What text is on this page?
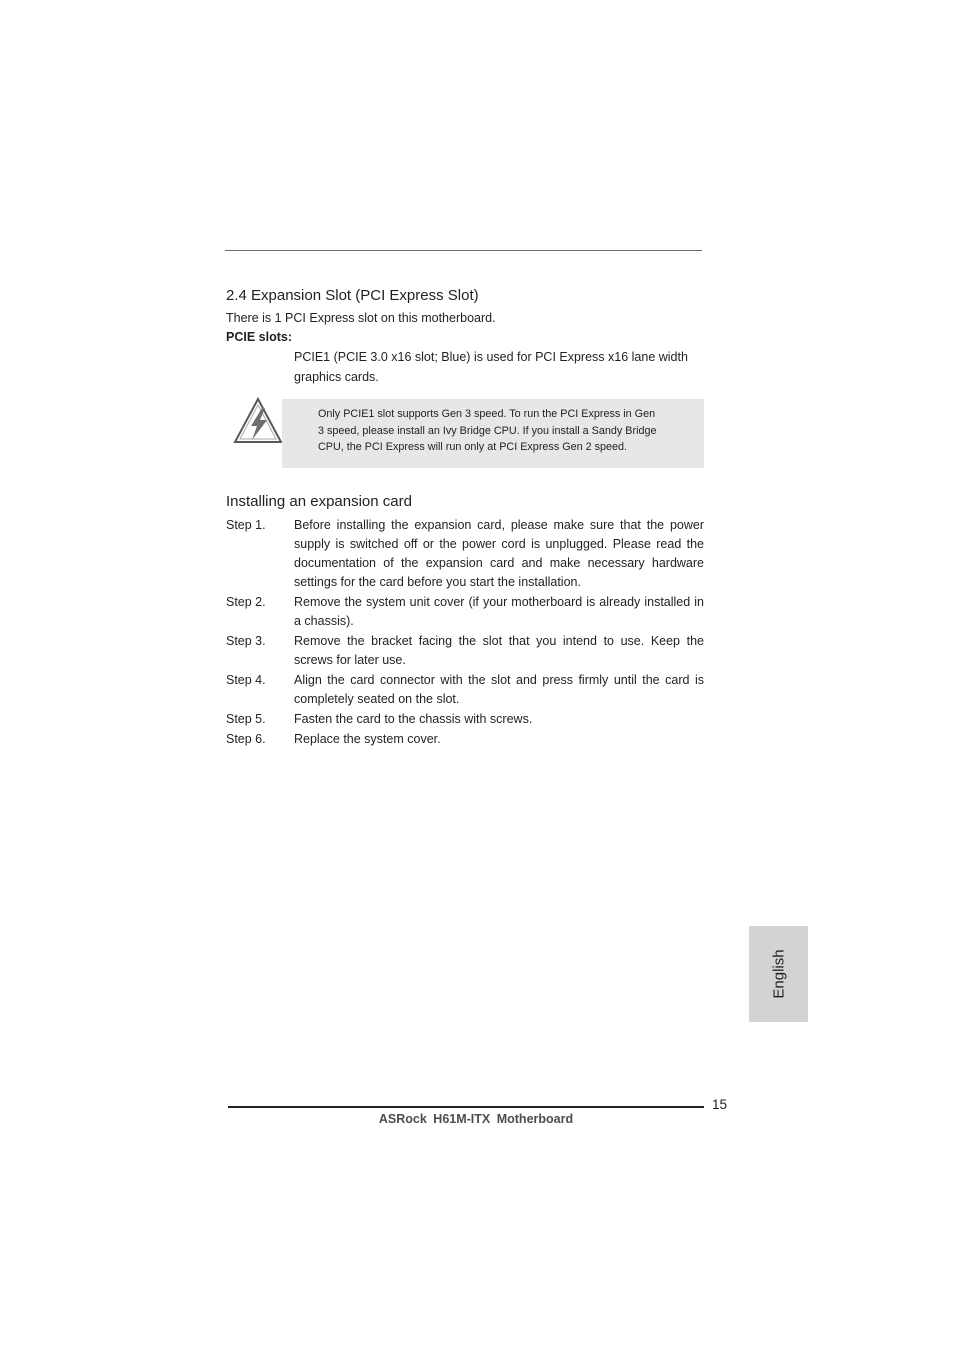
2.4 Expansion Slot (PCI Express Slot)
There is 1 PCI Express slot on this motherboard.
PCIE slots:
PCIE1 (PCIE 3.0 x16 slot; Blue) is used for PCI Express x16 lane width graphics cards.
Only PCIE1 slot supports Gen 3 speed. To run the PCI Express in Gen
3 speed, please install an Ivy Bridge CPU. If you install a Sandy Bridge
CPU, the PCI Express will run only at PCI Express Gen 2 speed.
Installing an expansion card
Step 1.	Before installing the expansion card, please make sure that the power supply is switched off or the power cord is unplugged. Please read the documentation of the expansion card and make necessary hardware settings for the card before you start the installation.
Step 2.	Remove the system unit cover (if your motherboard is already installed in a chassis).
Step 3.	Remove the bracket facing the slot that you intend to use. Keep the screws for later use.
Step 4.	Align the card connector with the slot and press firmly until the card is completely seated on the slot.
Step 5.	Fasten the card to the chassis with screws.
Step 6.	Replace the system cover.
English
15
ASRock H61M-ITX Motherboard
